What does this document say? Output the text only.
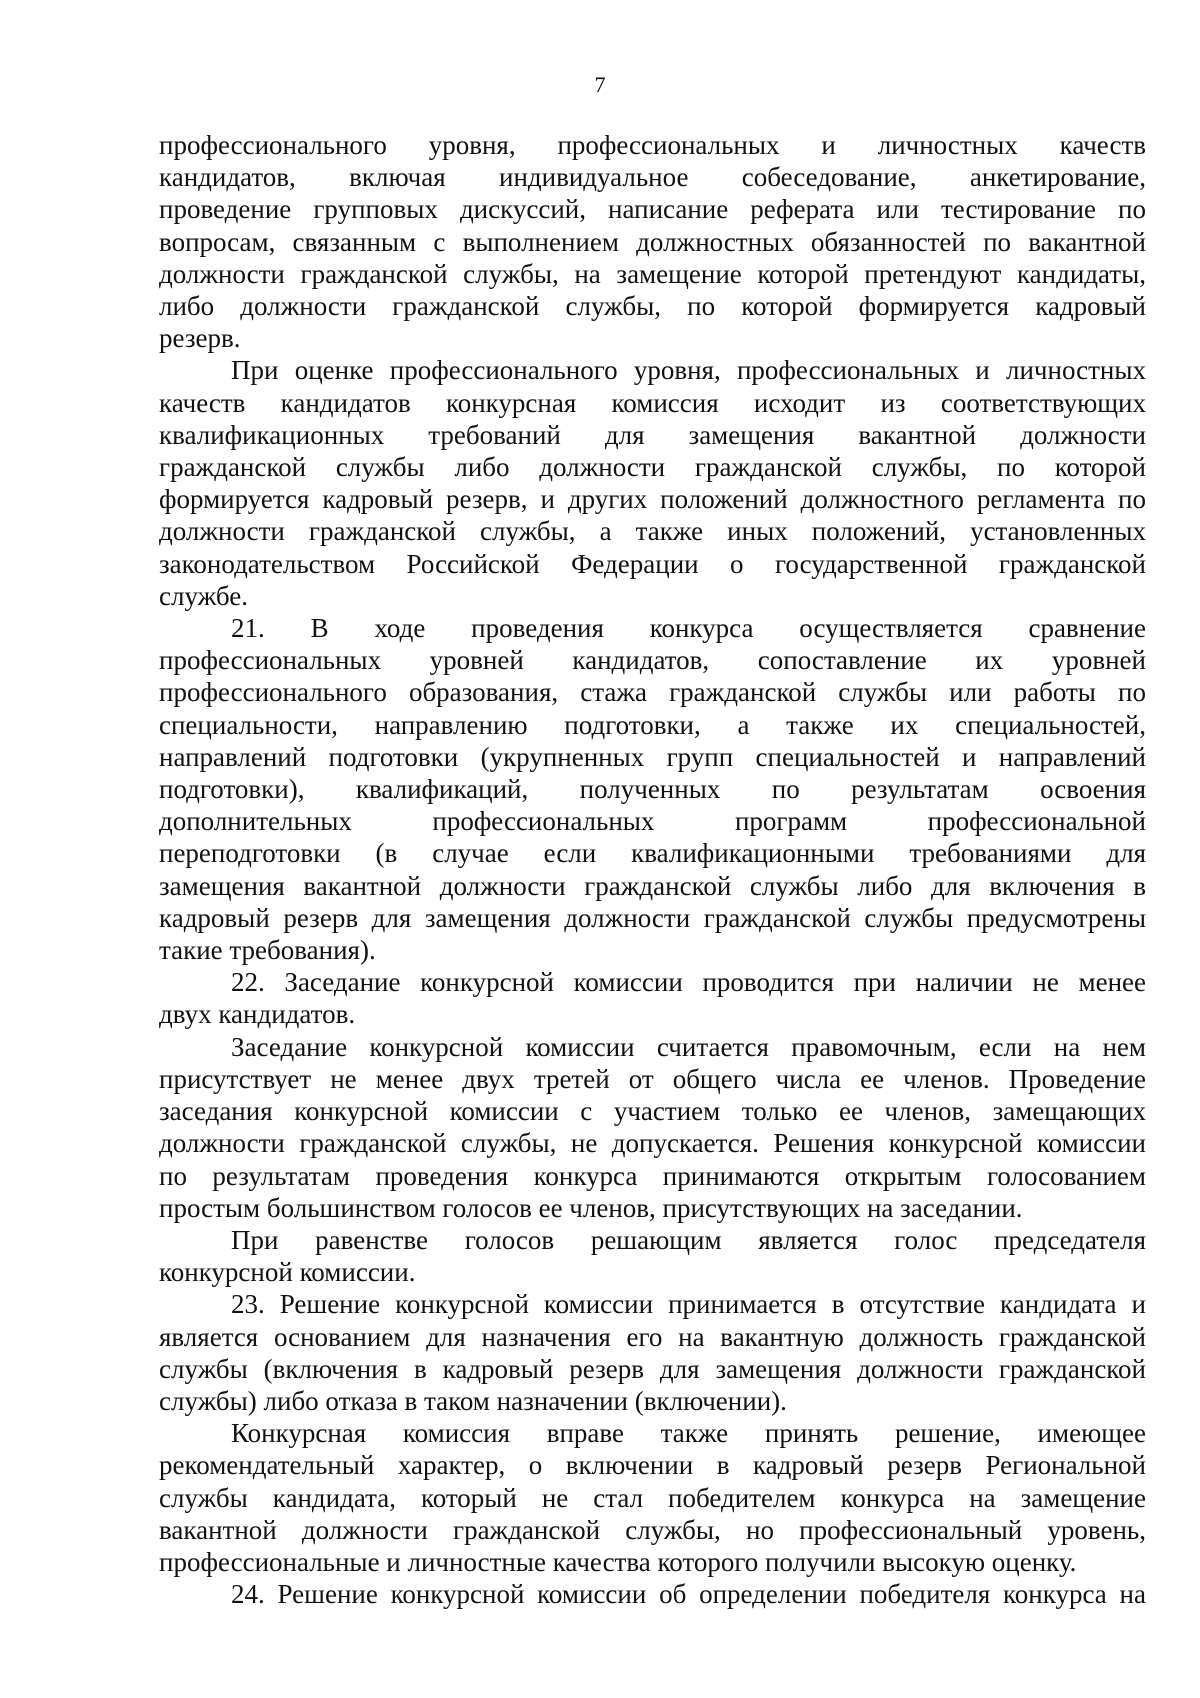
7

профессионального уровня, профессиональных и личностных качеств

кандидатов, включая индивидуальное собеседование, анкетирование,

проведение групповых дискуссий, написание реферата или тестирование по

вопросам, связанным с выполнением должностных обязанностей по вакантной

должности гражданской службы, на замещение которой претендуют кандидаты,

либо должности гражданской службы, по которой формируется кадровый

резерв.

При оценке профессионального уровня, профессиональных и личностных

качеств кандидатов конкурсная комиссия исходит из соответствующих

квалификационных требований для замещения вакантной должности

гражданской службы либо должности гражданской службы, по которой

формируется кадровый резерв, и других положений должностного регламента по

должности гражданской службы, а также иных положений, установленных

законодательством Российской Федерации о государственной гражданской

службе.

21. В ходе проведения конкурса осуществляется сравнение

профессиональных уровней кандидатов, сопоставление их уровней

профессионального образования, стажа гражданской службы или работы по

специальности, направлению подготовки, а также их специальностей,

направлений подготовки (укрупненных групп специальностей и направлений

подготовки), квалификаций, полученных по результатам освоения

дополнительных профессиональных программ профессиональной

переподготовки (в случае если квалификационными требованиями для

замещения вакантной должности гражданской службы либо для включения в

кадровый резерв для замещения должности гражданской службы предусмотрены

такие требования).

22. Заседание конкурсной комиссии проводится при наличии не менее

двух кандидатов.

Заседание конкурсной комиссии считается правомочным, если на нем

присутствует не менее двух третей от общего числа ее членов. Проведение

заседания конкурсной комиссии с участием только ее членов, замещающих

должности гражданской службы, не допускается. Решения конкурсной комиссии

по результатам проведения конкурса принимаются открытым голосованием

простым большинством голосов ее членов, присутствующих на заседании.

При равенстве голосов решающим является голос председателя

конкурсной комиссии.

23. Решение конкурсной комиссии принимается в отсутствие кандидата и

является основанием для назначения его на вакантную должность гражданской

службы (включения в кадровый резерв для замещения должности гражданской

службы) либо отказа в таком назначении (включении).

Конкурсная комиссия вправе также принять решение, имеющее

рекомендательный характер, о включении в кадровый резерв Региональной

службы кандидата, который не стал победителем конкурса на замещение

вакантной должности гражданской службы, но профессиональный уровень,

профессиональные и личностные качества которого получили высокую оценку.

24. Решение конкурсной комиссии об определении победителя конкурса на
